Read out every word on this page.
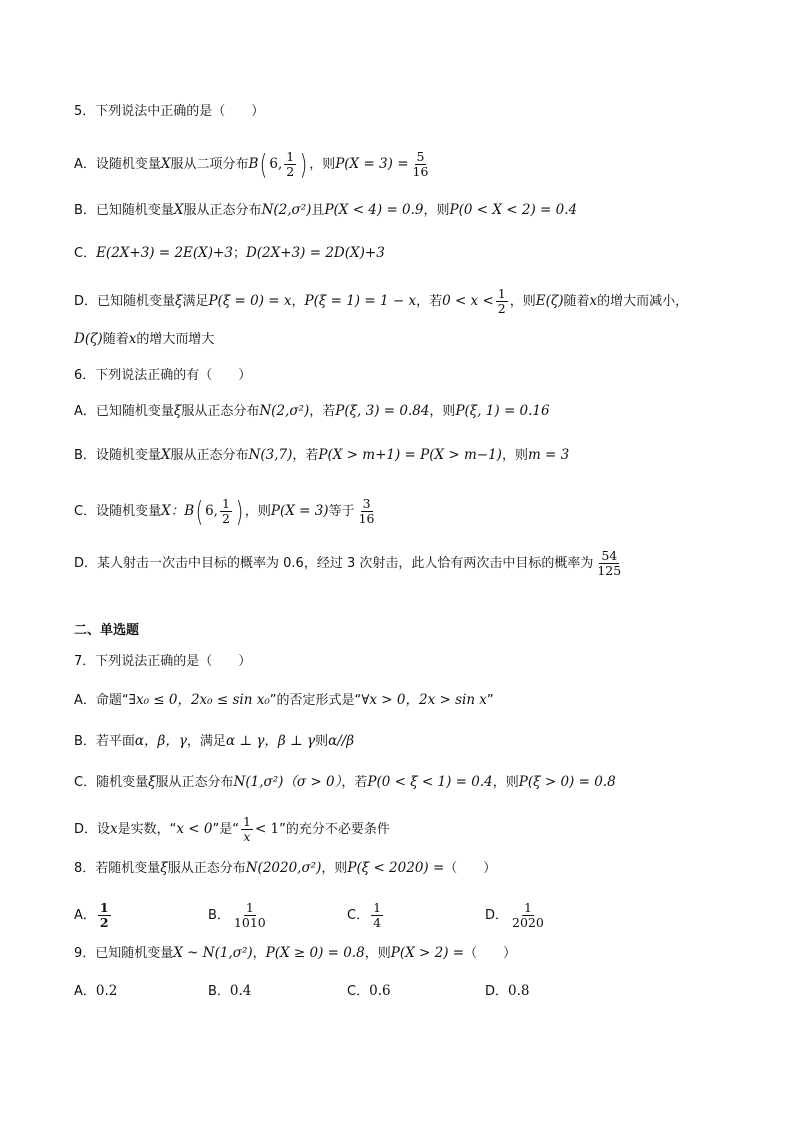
5．下列说法中正确的是（　　）
A．设随机变量X服从二项分布B( 6, $\frac{1}{2}$ ) ，则$P(X = 3) = \frac{5}{16}$
B．已知随机变量X服从正态分布N(2,σ²)且P(X < 4) = 0.9，则P(0 < X < 2) = 0.4
C．E(2X+3) = 2E(X)+3；D(2X+3) = 2D(X)+3
D．已知随机变量ξ满足P(ξ = 0) = x，P(ξ = 1) = 1 − x，若$0 < x < \frac{1}{2}$ ，则E(ζ)随着x的增大而减小，
D(ζ)随着x的增大而增大
6．下列说法正确的有（　　）
A．已知随机变量ξ服从正态分布N(2,σ²)，若P(ξ, 3) = 0.84，则P(ξ, 1) = 0.16
B．设随机变量X服从正态分布N(3,7)，若P(X > m+1) = P(X > m−1)，则m = 3
C．设随机变量X：B( 6, $\frac{1}{2}$ ) ，则P(X = 3)等于 $\frac{3}{16}$
D．某人射击一次击中目标的概率为 0.6，经过 3 次射击，此人恰有两次击中目标的概率为 $\frac{54}{125}$
二、单选题
7．下列说法正确的是（　　）
A．命题“∃x₀ ≤ 0，2x₀ ≤ sin x₀”的否定形式是“∀x > 0，2x > sin x”
B．若平面α，β，γ，满足α ⊥ γ，β ⊥ γ则α//β
C．随机变量ξ服从正态分布N(1,σ²)（σ > 0），若P(0 < ξ < 1) = 0.4，则P(ξ > 0) = 0.8
D．设x是实数，“x < 0”是“ $\frac{1}{x} < 1$”的充分不必要条件
8．若随机变量ξ服从正态分布N(2020,σ²)，则P(ξ < 2020) =（　　）
A． $\frac{1}{2}$	B． $\frac{1}{1010}$	C． $\frac{1}{4}$	D． $\frac{1}{2020}$
9．已知随机变量X ~ N(1,σ²)，P(X ≥ 0) = 0.8，则P(X > 2) =（　　）
A．0.2	B．0.4	C．0.6	D．0.8
